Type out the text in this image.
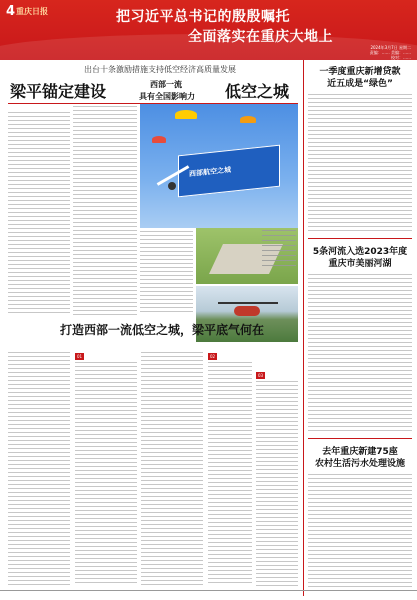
4 重庆日报	把习近平总书记的殷殷嘱托
全面落实在重庆大地上
2024年3月7日 星期二
责编：…… 美编：……
校对：……
出台十条激励措施支持低空经济高质量发展
梁平锚定建设	西部一流
具有全国影响力 低空之城
西部航空之城
打造西部一流低空之城，梁平底气何在
01	02
03
一季度重庆新增贷款
近五成是“绿色”
5条河流入选2023年度
重庆市美丽河湖
去年重庆新建75座
农村生活污水处理设施
